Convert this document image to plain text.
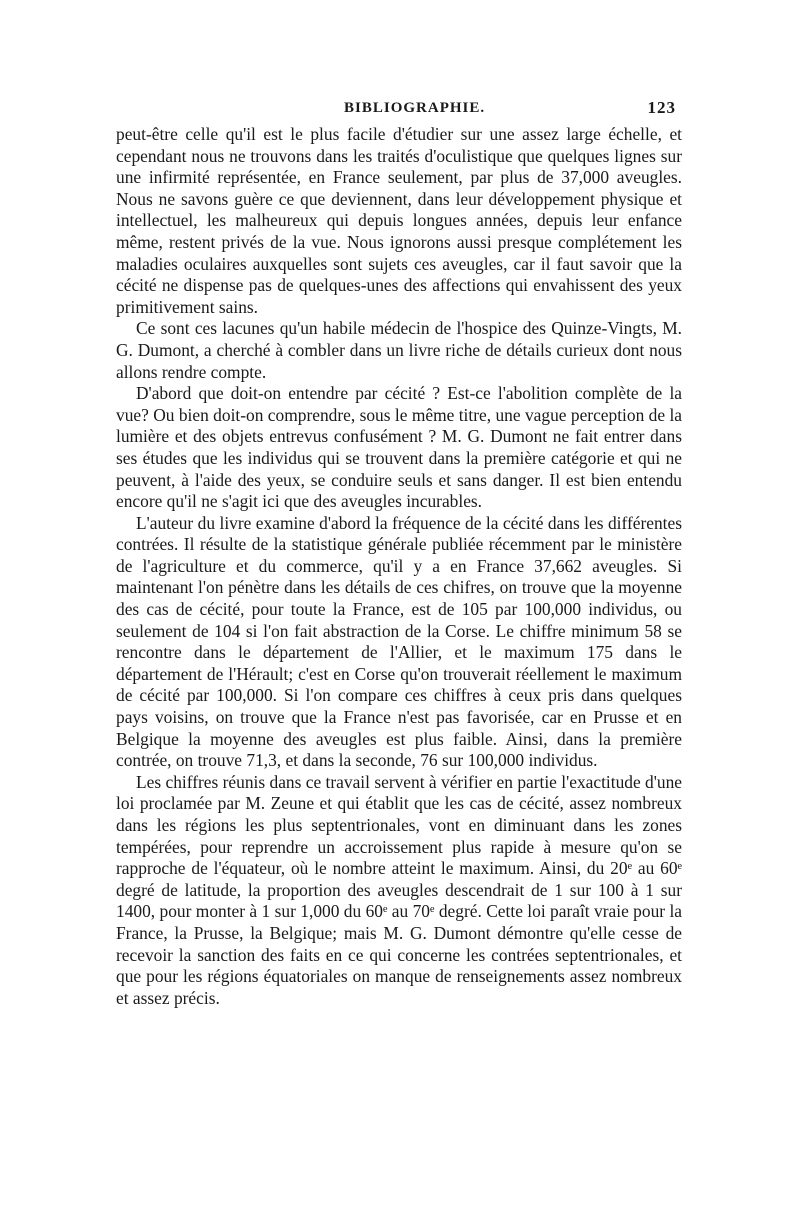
BIBLIOGRAPHIE.	123

peut-être celle qu'il est le plus facile d'étudier sur une assez large échelle, et cependant nous ne trouvons dans les traités d'oculistique que quelques lignes sur une infirmité représentée, en France seulement, par plus de 37,000 aveugles. Nous ne savons guère ce que deviennent, dans leur développement physique et intellectuel, les malheureux qui depuis longues années, depuis leur enfance même, restent privés de la vue. Nous ignorons aussi presque complétement les maladies oculaires auxquelles sont sujets ces aveugles, car il faut savoir que la cécité ne dispense pas de quelques-unes des affections qui envahissent des yeux primitivement sains.

Ce sont ces lacunes qu'un habile médecin de l'hospice des Quinze-Vingts, M. G. Dumont, a cherché à combler dans un livre riche de détails curieux dont nous allons rendre compte.

D'abord que doit-on entendre par cécité ? Est-ce l'abolition complète de la vue? Ou bien doit-on comprendre, sous le même titre, une vague perception de la lumière et des objets entrevus confusément ? M. G. Dumont ne fait entrer dans ses études que les individus qui se trouvent dans la première catégorie et qui ne peuvent, à l'aide des yeux, se conduire seuls et sans danger. Il est bien entendu encore qu'il ne s'agit ici que des aveugles incurables.

L'auteur du livre examine d'abord la fréquence de la cécité dans les différentes contrées. Il résulte de la statistique générale publiée récemment par le ministère de l'agriculture et du commerce, qu'il y a en France 37,662 aveugles. Si maintenant l'on pénètre dans les détails de ces chifres, on trouve que la moyenne des cas de cécité, pour toute la France, est de 105 par 100,000 individus, ou seulement de 104 si l'on fait abstraction de la Corse. Le chiffre minimum 58 se rencontre dans le département de l'Allier, et le maximum 175 dans le département de l'Hérault; c'est en Corse qu'on trouverait réellement le maximum de cécité par 100,000. Si l'on compare ces chiffres à ceux pris dans quelques pays voisins, on trouve que la France n'est pas favorisée, car en Prusse et en Belgique la moyenne des aveugles est plus faible. Ainsi, dans la première contrée, on trouve 71,3, et dans la seconde, 76 sur 100,000 individus.

Les chiffres réunis dans ce travail servent à vérifier en partie l'exactitude d'une loi proclamée par M. Zeune et qui établit que les cas de cécité, assez nombreux dans les régions les plus septentrionales, vont en diminuant dans les zones tempérées, pour reprendre un accroissement plus rapide à mesure qu'on se rapproche de l'équateur, où le nombre atteint le maximum. Ainsi, du 20ᵉ au 60ᵉ degré de latitude, la proportion des aveugles descendrait de 1 sur 100 à 1 sur 1400, pour monter à 1 sur 1,000 du 60ᵉ au 70ᵉ degré. Cette loi paraît vraie pour la France, la Prusse, la Belgique; mais M. G. Dumont démontre qu'elle cesse de recevoir la sanction des faits en ce qui concerne les contrées septentrionales, et que pour les régions équatoriales on manque de renseignements assez nombreux et assez précis.
